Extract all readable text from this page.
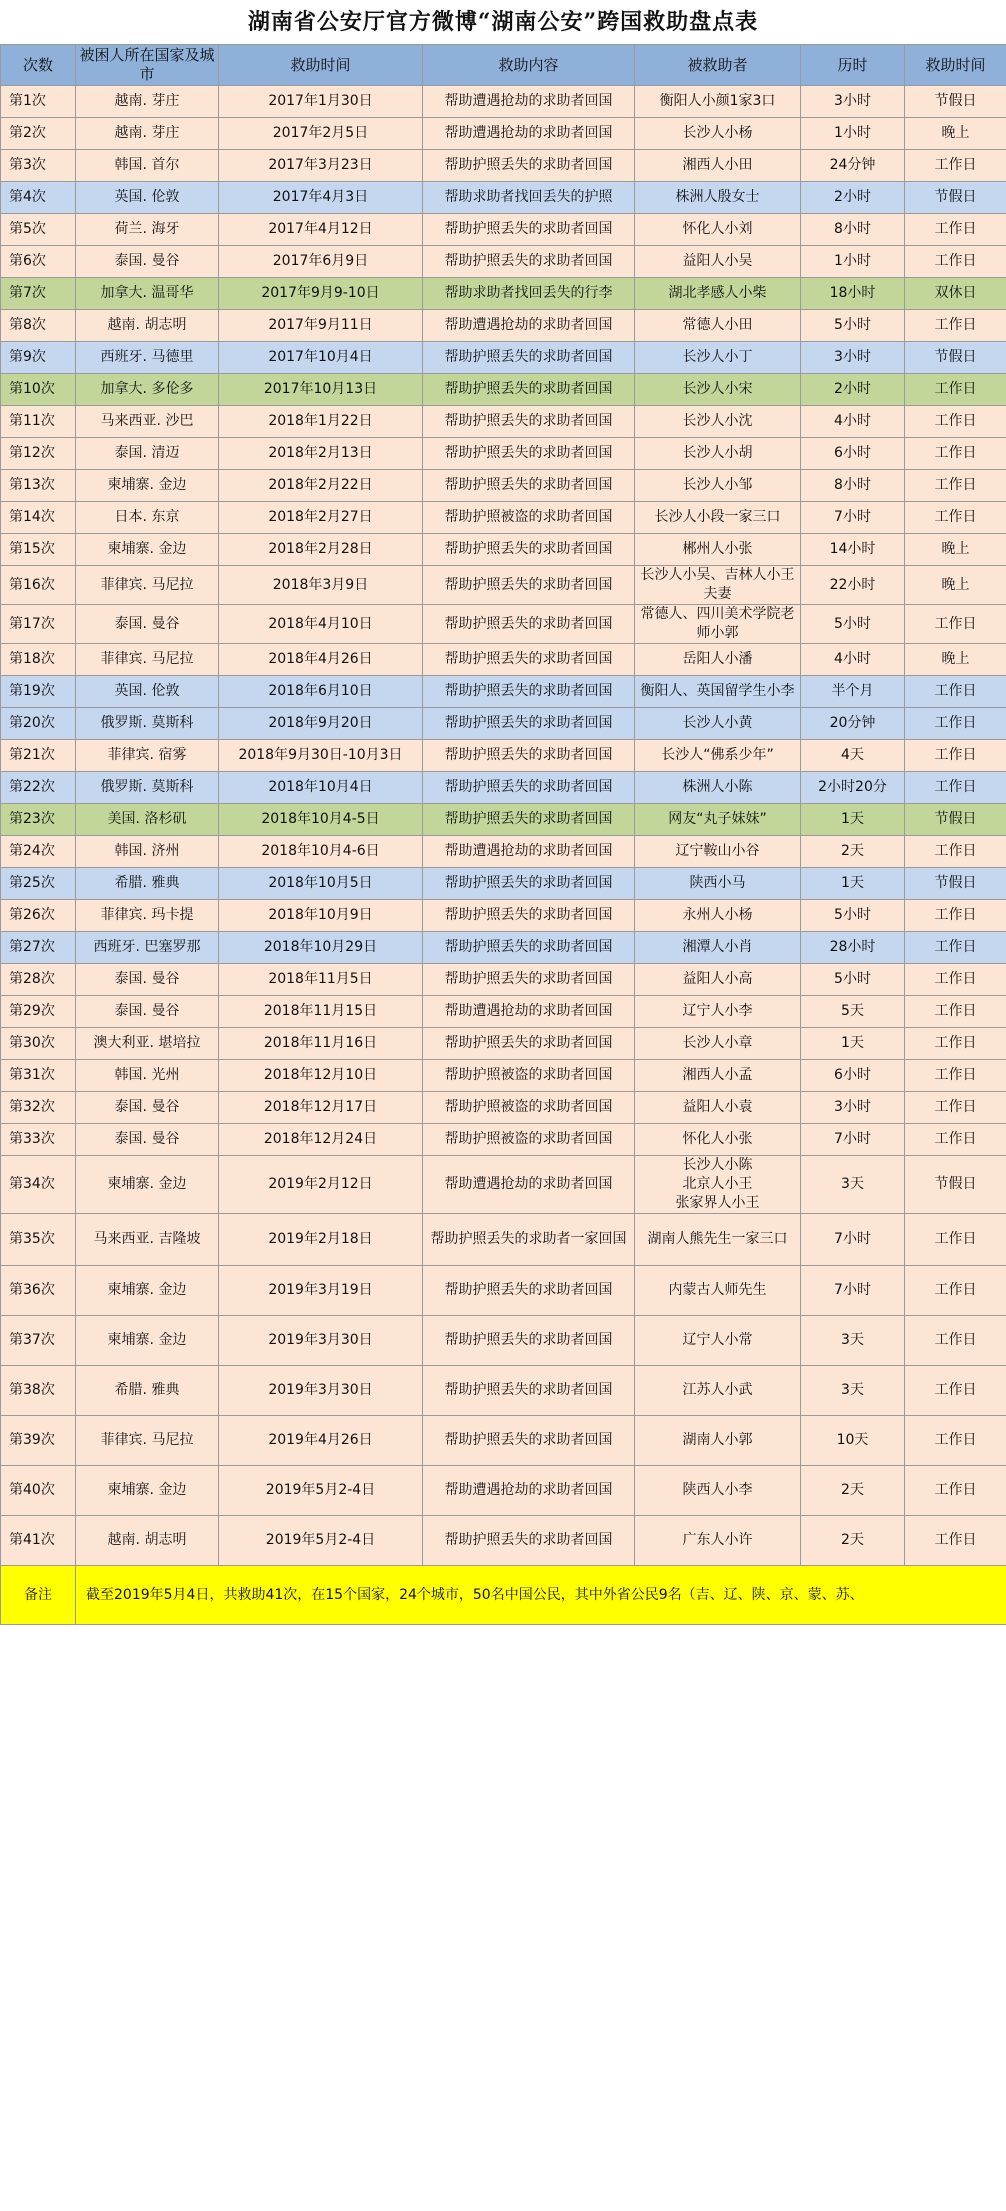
湖南省公安厅官方微博“湖南公安”跨国救助盘点表
次数	被困人所在国家及城市	救助时间	救助内容	被救助者	历时	救助时间
第1次	越南. 芽庄	2017年1月30日	帮助遭遇抢劫的求助者回国	衡阳人小颜1家3口	3小时	节假日
第2次	越南. 芽庄	2017年2月5日	帮助遭遇抢劫的求助者回国	长沙人小杨	1小时	晚上
第3次	韩国. 首尔	2017年3月23日	帮助护照丢失的求助者回国	湘西人小田	24分钟	工作日
第4次	英国. 伦敦	2017年4月3日	帮助求助者找回丢失的护照	株洲人殷女士	2小时	节假日
第5次	荷兰. 海牙	2017年4月12日	帮助护照丢失的求助者回国	怀化人小刘	8小时	工作日
第6次	泰国. 曼谷	2017年6月9日	帮助护照丢失的求助者回国	益阳人小吴	1小时	工作日
第7次	加拿大. 温哥华	2017年9月9-10日	帮助求助者找回丢失的行李	湖北孝感人小柴	18小时	双休日
第8次	越南. 胡志明	2017年9月11日	帮助遭遇抢劫的求助者回国	常德人小田	5小时	工作日
第9次	西班牙. 马德里	2017年10月4日	帮助护照丢失的求助者回国	长沙人小丁	3小时	节假日
第10次	加拿大. 多伦多	2017年10月13日	帮助护照丢失的求助者回国	长沙人小宋	2小时	工作日
第11次	马来西亚. 沙巴	2018年1月22日	帮助护照丢失的求助者回国	长沙人小沈	4小时	工作日
第12次	泰国. 清迈	2018年2月13日	帮助护照丢失的求助者回国	长沙人小胡	6小时	工作日
第13次	柬埔寨. 金边	2018年2月22日	帮助护照丢失的求助者回国	长沙人小邹	8小时	工作日
第14次	日本. 东京	2018年2月27日	帮助护照被盗的求助者回国	长沙人小段一家三口	7小时	工作日
第15次	柬埔寨. 金边	2018年2月28日	帮助护照丢失的求助者回国	郴州人小张	14小时	晚上
第16次	菲律宾. 马尼拉	2018年3月9日	帮助护照丢失的求助者回国	长沙人小吴、吉林人小王夫妻	22小时	晚上
第17次	泰国. 曼谷	2018年4月10日	帮助护照丢失的求助者回国	常德人、四川美术学院老师小郭	5小时	工作日
第18次	菲律宾. 马尼拉	2018年4月26日	帮助护照丢失的求助者回国	岳阳人小潘	4小时	晚上
第19次	英国. 伦敦	2018年6月10日	帮助护照丢失的求助者回国	衡阳人、英国留学生小李	半个月	工作日
第20次	俄罗斯. 莫斯科	2018年9月20日	帮助护照丢失的求助者回国	长沙人小黄	20分钟	工作日
第21次	菲律宾. 宿雾	2018年9月30日-10月3日	帮助护照丢失的求助者回国	长沙人“佛系少年”	4天	工作日
第22次	俄罗斯. 莫斯科	2018年10月4日	帮助护照丢失的求助者回国	株洲人小陈	2小时20分	工作日
第23次	美国. 洛杉矶	2018年10月4-5日	帮助护照丢失的求助者回国	网友“丸子妹妹”	1天	节假日
第24次	韩国. 济州	2018年10月4-6日	帮助遭遇抢劫的求助者回国	辽宁鞍山小谷	2天	工作日
第25次	希腊. 雅典	2018年10月5日	帮助护照丢失的求助者回国	陕西小马	1天	节假日
第26次	菲律宾. 玛卡提	2018年10月9日	帮助护照丢失的求助者回国	永州人小杨	5小时	工作日
第27次	西班牙. 巴塞罗那	2018年10月29日	帮助护照丢失的求助者回国	湘潭人小肖	28小时	工作日
第28次	泰国. 曼谷	2018年11月5日	帮助护照丢失的求助者回国	益阳人小高	5小时	工作日
第29次	泰国. 曼谷	2018年11月15日	帮助遭遇抢劫的求助者回国	辽宁人小李	5天	工作日
第30次	澳大利亚. 堪培拉	2018年11月16日	帮助护照丢失的求助者回国	长沙人小章	1天	工作日
第31次	韩国. 光州	2018年12月10日	帮助护照被盗的求助者回国	湘西人小孟	6小时	工作日
第32次	泰国. 曼谷	2018年12月17日	帮助护照被盗的求助者回国	益阳人小袁	3小时	工作日
第33次	泰国. 曼谷	2018年12月24日	帮助护照被盗的求助者回国	怀化人小张	7小时	工作日
第34次	柬埔寨. 金边	2019年2月12日	帮助遭遇抢劫的求助者回国	长沙人小陈
北京人小王
张家界人小王	3天	节假日
第35次	马来西亚. 吉隆坡	2019年2月18日	帮助护照丢失的求助者一家回国	湖南人熊先生一家三口	7小时	工作日
第36次	柬埔寨. 金边	2019年3月19日	帮助护照丢失的求助者回国	内蒙古人师先生	7小时	工作日
第37次	柬埔寨. 金边	2019年3月30日	帮助护照丢失的求助者回国	辽宁人小常	3天	工作日
第38次	希腊. 雅典	2019年3月30日	帮助护照丢失的求助者回国	江苏人小武	3天	工作日
第39次	菲律宾. 马尼拉	2019年4月26日	帮助护照丢失的求助者回国	湖南人小郭	10天	工作日
第40次	柬埔寨. 金边	2019年5月2-4日	帮助遭遇抢劫的求助者回国	陕西人小李	2天	工作日
第41次	越南. 胡志明	2019年5月2-4日	帮助护照丢失的求助者回国	广东人小许	2天	工作日
备注	截至2019年5月4日，共救助41次，在15个国家，24个城市，50名中国公民，其中外省公民9名（吉、辽、陕、京、蒙、苏、					
